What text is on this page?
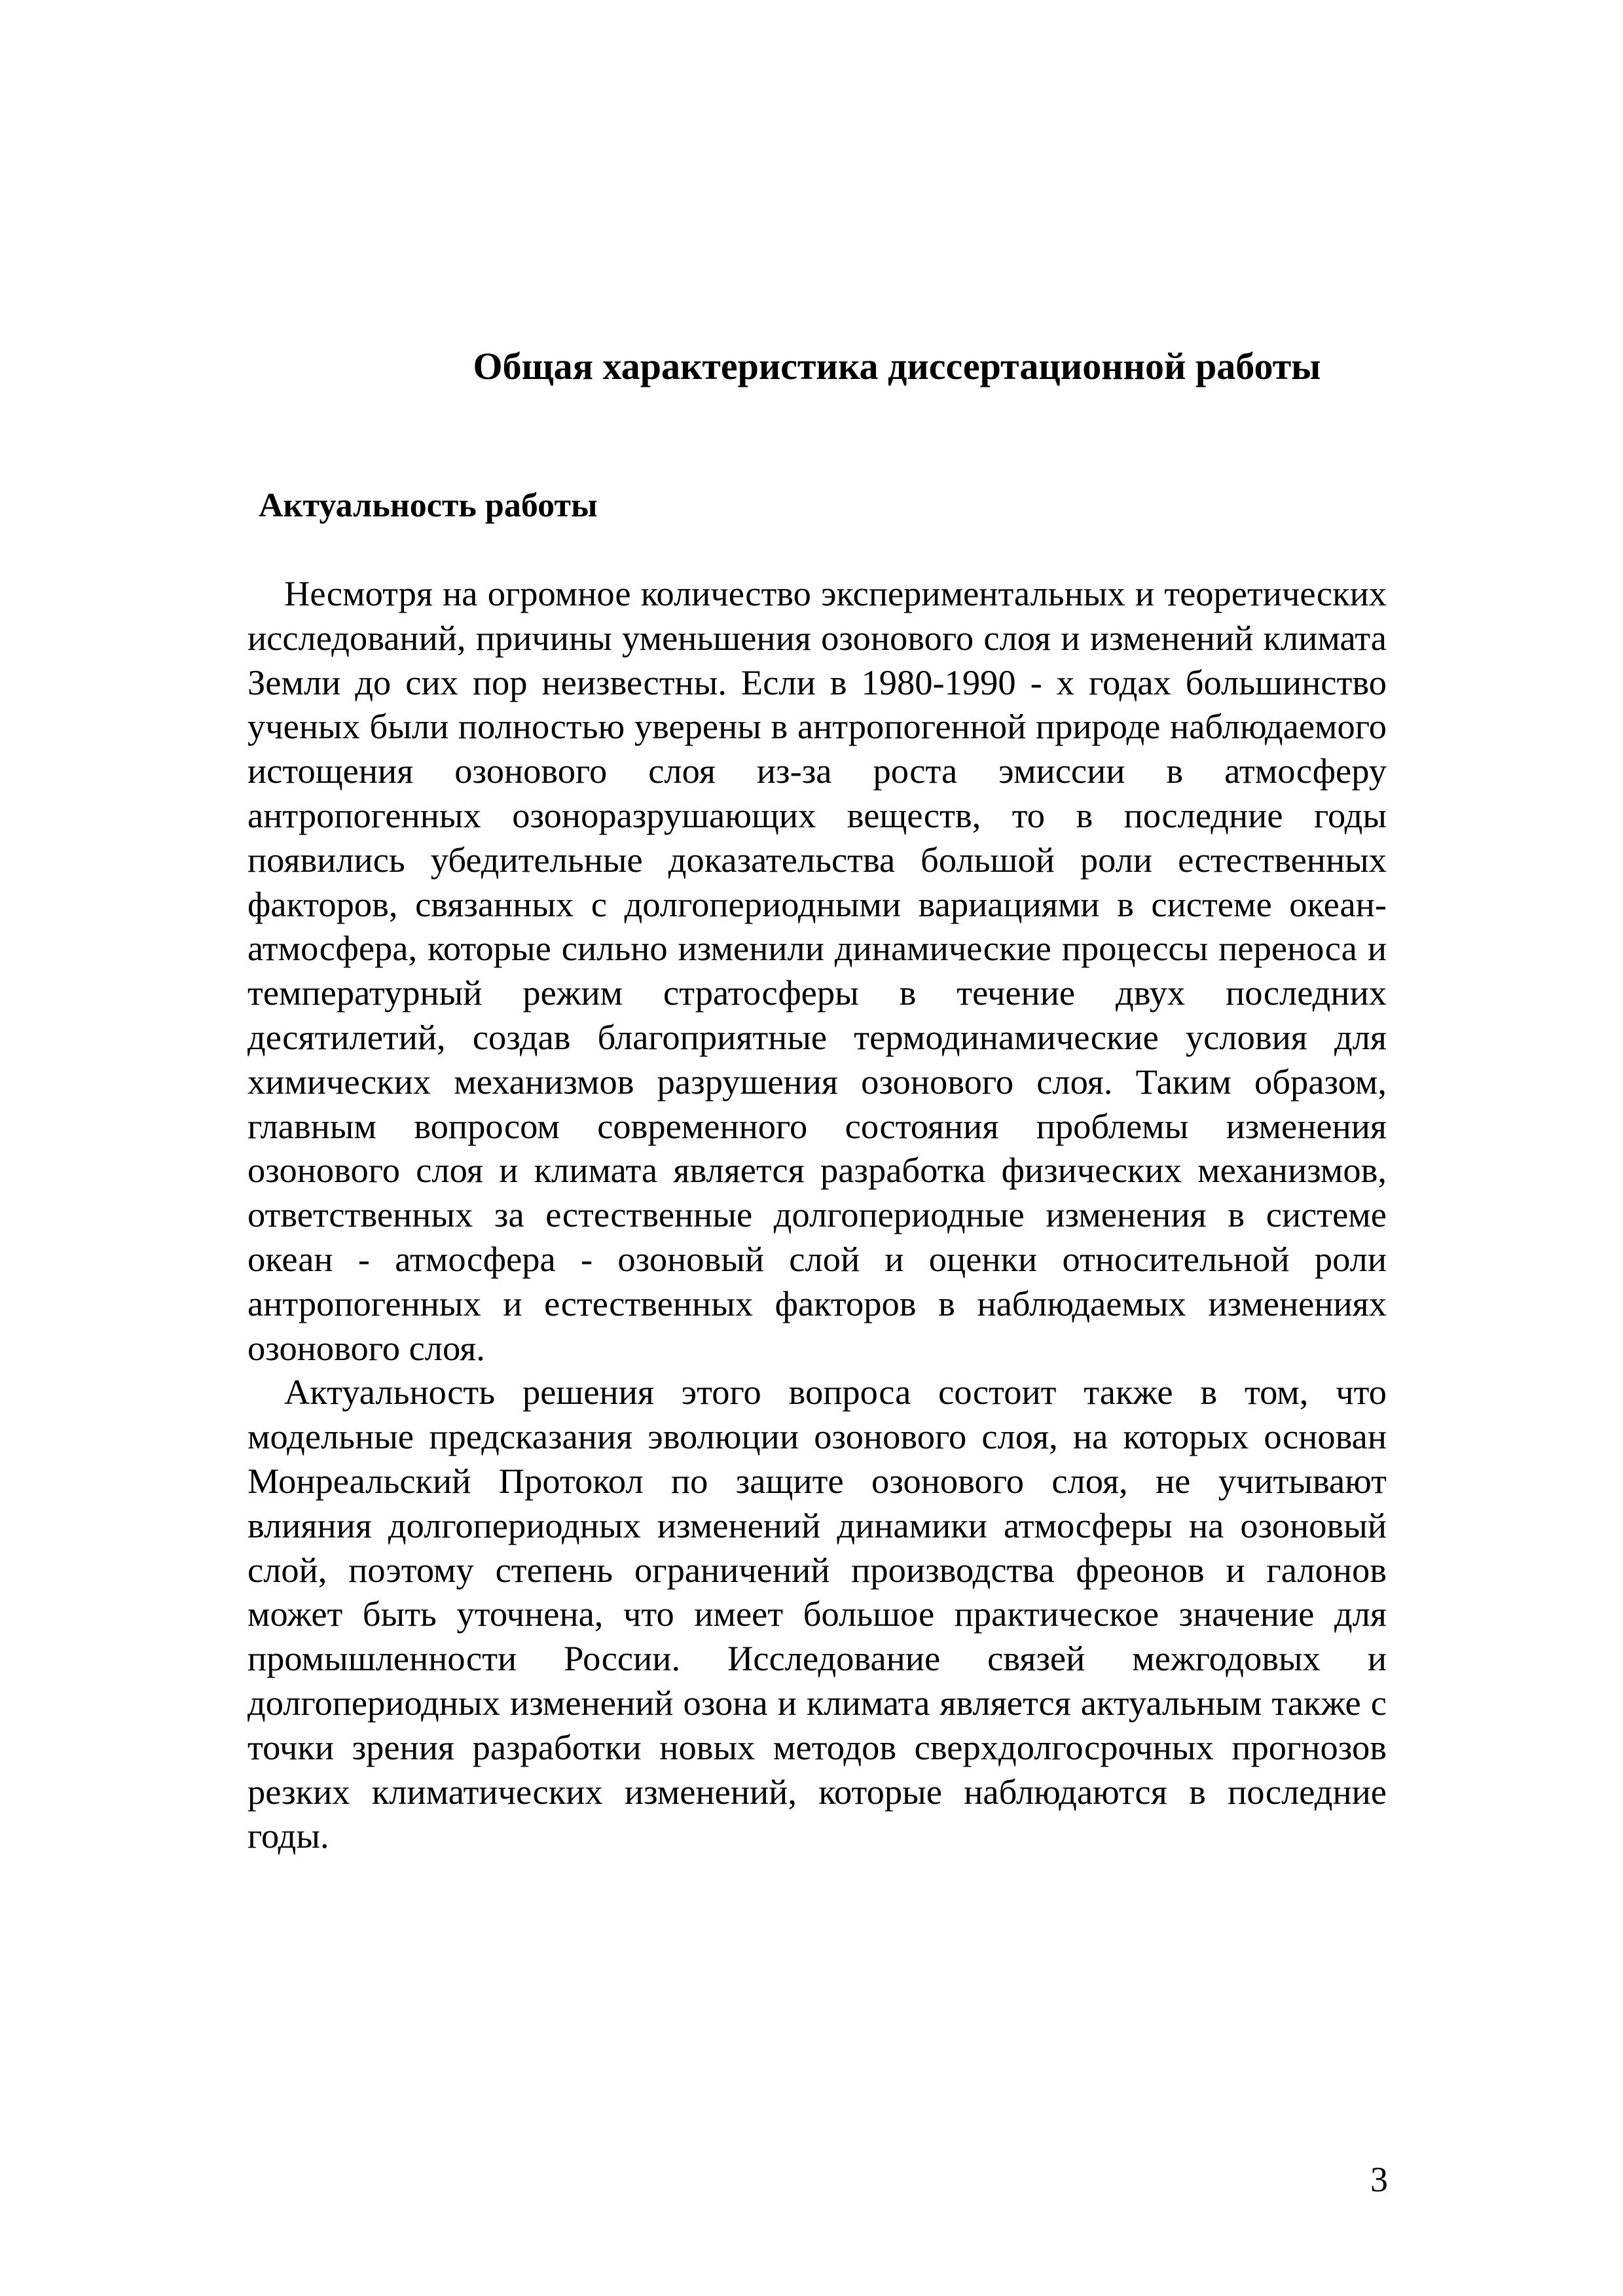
Общая характеристика диссертационной работы
Актуальность работы

Несмотря на огромное количество экспериментальных и теоретических исследований, причины уменьшения озонового слоя и изменений климата Земли до сих пор неизвестны. Если в 1980-1990 - х годах большинство ученых были полностью уверены в антропогенной природе наблюдаемого истощения озонового слоя из-за роста эмиссии в атмосферу антропогенных озоноразрушающих веществ, то в последние годы появились убедительные доказательства большой роли естественных факторов, связанных с долгопериодными вариациями в системе океан-атмосфера, которые сильно изменили динамические процессы переноса и температурный режим стратосферы в течение двух последних десятилетий, создав благоприятные термодинамические условия для химических механизмов разрушения озонового слоя. Таким образом, главным вопросом современного состояния проблемы изменения озонового слоя и климата является разработка физических механизмов, ответственных за естественные долгопериодные изменения в системе океан - атмосфера - озоновый слой и оценки относительной роли антропогенных и естественных факторов в наблюдаемых изменениях озонового слоя.

Актуальность решения этого вопроса состоит также в том, что модельные предсказания эволюции озонового слоя, на которых основан Монреальский Протокол по защите озонового слоя, не учитывают влияния долгопериодных изменений динамики атмосферы на озоновый слой, поэтому степень ограничений производства фреонов и галонов может быть уточнена, что имеет большое практическое значение для промышленности России. Исследование связей межгодовых и долгопериодных изменений озона и климата является актуальным также с точки зрения разработки новых методов сверхдолгосрочных прогнозов резких климатических изменений, которые наблюдаются в последние годы.

3
